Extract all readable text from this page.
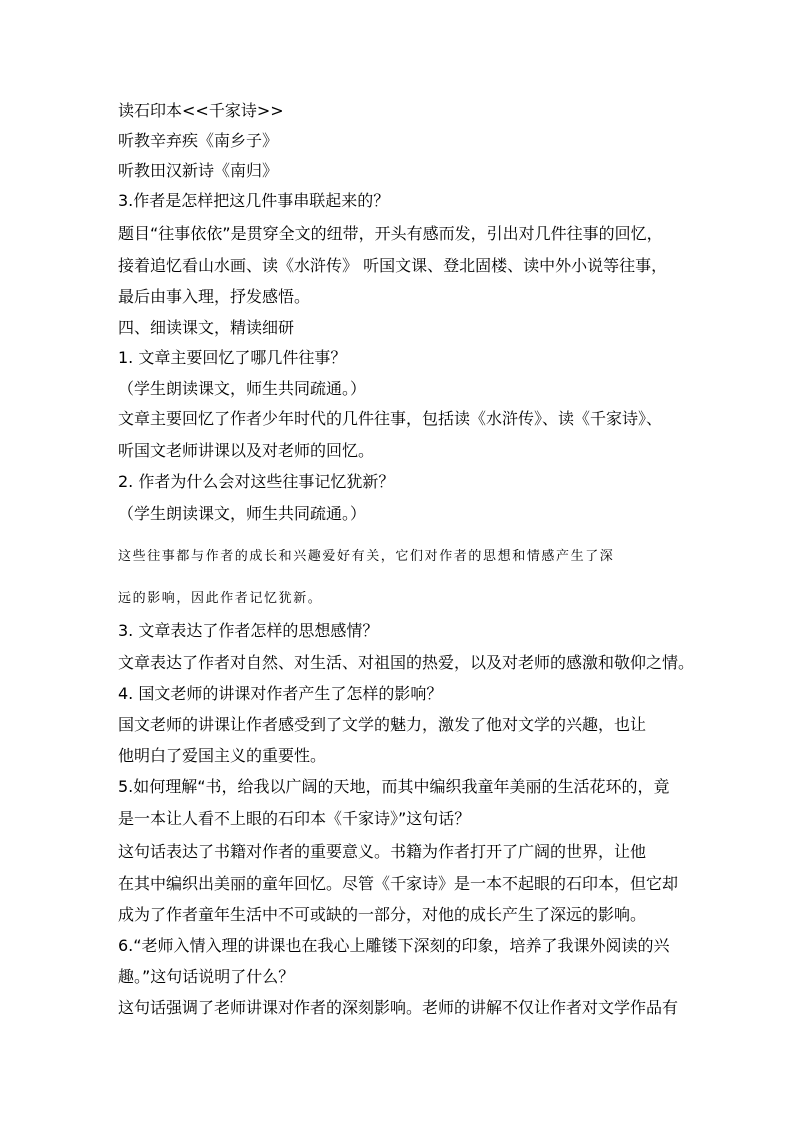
读石印本<<千家诗>>
听教辛弃疾《南乡子》
听教田汉新诗《南归》
3.作者是怎样把这几件事串联起来的？
题目“往事依依”是贯穿全文的纽带，开头有感而发，引出对几件往事的回忆，
接着追忆看山水画、读《水浒传》 听国文课、登北固楼、读中外小说等往事，
最后由事入理，抒发感悟。
四、细读课文，精读细研
1. 文章主要回忆了哪几件往事？
（学生朗读课文，师生共同疏通。）
文章主要回忆了作者少年时代的几件往事，包括读《水浒传》、读《千家诗》、
听国文老师讲课以及对老师的回忆。
2. 作者为什么会对这些往事记忆犹新？
（学生朗读课文，师生共同疏通。）
这些往事都与作者的成长和兴趣爱好有关，它们对作者的思想和情感产生了深
远的影响，因此作者记忆犹新。
3. 文章表达了作者怎样的思想感情？
文章表达了作者对自然、对生活、对祖国的热爱，以及对老师的感激和敬仰之情。
4. 国文老师的讲课对作者产生了怎样的影响？
国文老师的讲课让作者感受到了文学的魅力，激发了他对文学的兴趣，也让
他明白了爱国主义的重要性。
5.如何理解“书，给我以广阔的天地，而其中编织我童年美丽的生活花环的，竟
是一本让人看不上眼的石印本《千家诗》”这句话？
这句话表达了书籍对作者的重要意义。书籍为作者打开了广阔的世界，让他
在其中编织出美丽的童年回忆。尽管《千家诗》是一本不起眼的石印本，但它却
成为了作者童年生活中不可或缺的一部分，对他的成长产生了深远的影响。
6.“老师入情入理的讲课也在我心上雕镂下深刻的印象，培养了我课外阅读的兴
趣。”这句话说明了什么？
这句话强调了老师讲课对作者的深刻影响。老师的讲解不仅让作者对文学作品有
